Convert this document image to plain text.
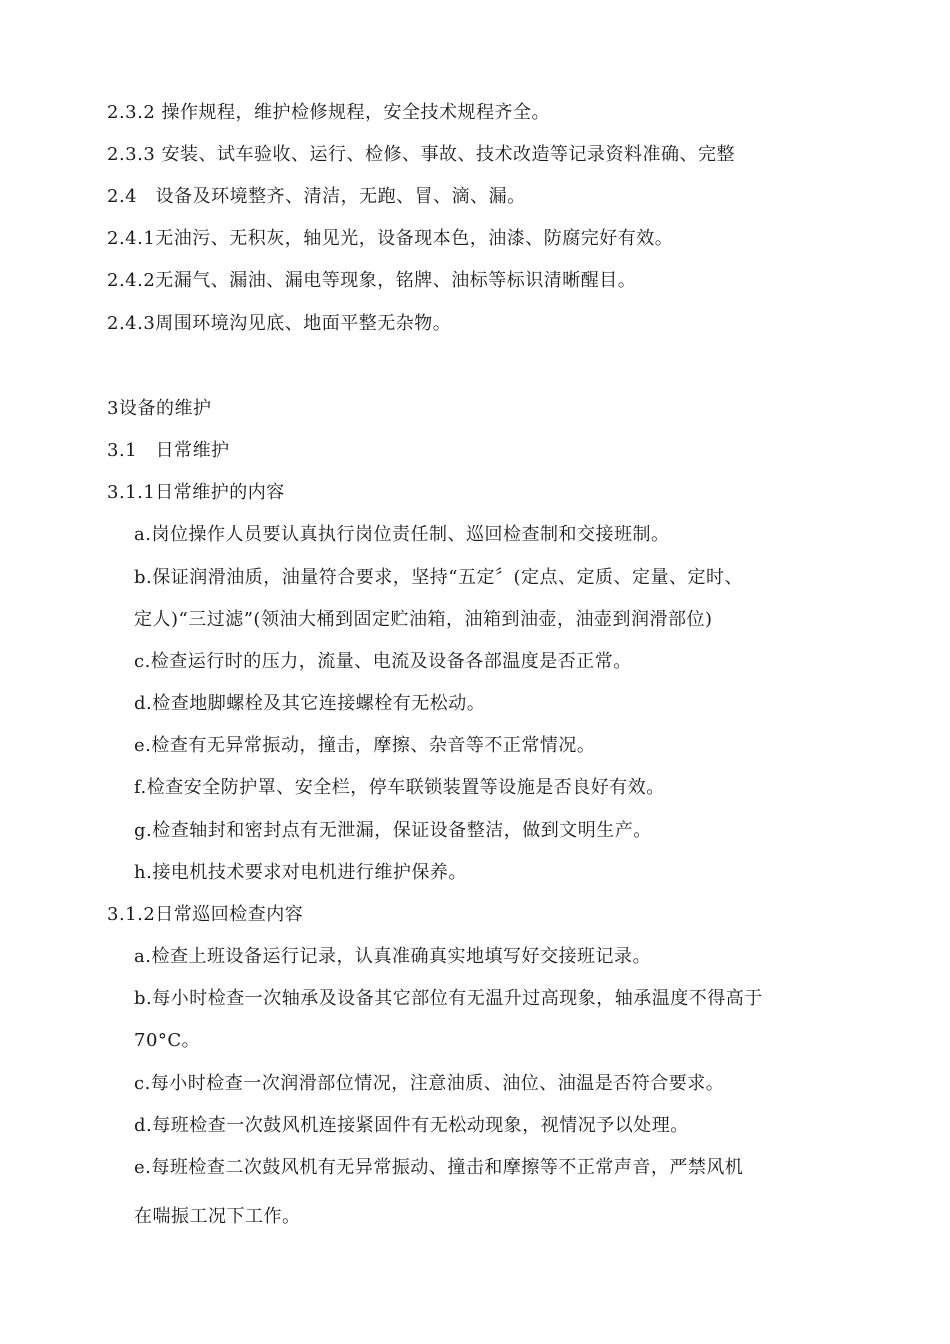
2.3.2 操作规程，维护检修规程，安全技术规程齐全。
2.3.3 安装、试车验收、运行、检修、事故、技术改造等记录资料准确、完整
2.4　设备及环境整齐、清洁，无跑、冒、滴、漏。
2.4.1无油污、无积灰，轴见光，设备现本色，油漆、防腐完好有效。
2.4.2无漏气、漏油、漏电等现象，铭牌、油标等标识清晰醒目。
2.4.3周围环境沟见底、地面平整无杂物。
3设备的维护
3.1　日常维护
3.1.1日常维护的内容
a.岗位操作人员要认真执行岗位责任制、巡回检查制和交接班制。
b.保证润滑油质，油量符合要求，坚持“五定〞(定点、定质、定量、定时、
定人)“三过滤”(领油大桶到固定贮油箱，油箱到油壶，油壶到润滑部位)
c.检查运行时的压力，流量、电流及设备各部温度是否正常。
d.检查地脚螺栓及其它连接螺栓有无松动。
e.检查有无异常振动，撞击，摩擦、杂音等不正常情况。
f.检查安全防护罩、安全栏，停车联锁装置等设施是否良好有效。
g.检查轴封和密封点有无泄漏，保证设备整洁，做到文明生产。
h.接电机技术要求对电机进行维护保养。
3.1.2日常巡回检查内容
a.检查上班设备运行记录，认真准确真实地填写好交接班记录。
b.每小时检查一次轴承及设备其它部位有无温升过高现象，轴承温度不得高于
70°C。
c.每小时检查一次润滑部位情况，注意油质、油位、油温是否符合要求。
d.每班检查一次鼓风机连接紧固件有无松动现象，视情况予以处理。
e.每班检查二次鼓风机有无异常振动、撞击和摩擦等不正常声音，严禁风机
在喘振工况下工作。
